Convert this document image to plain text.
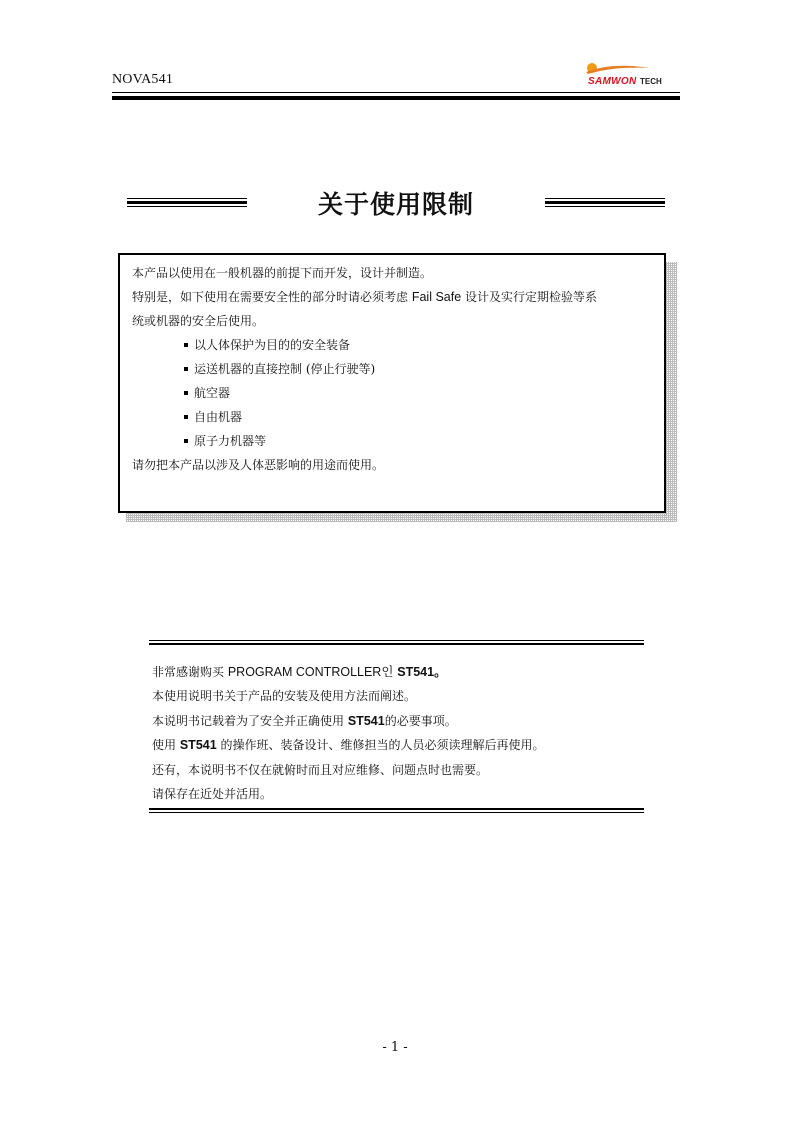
NOVA541	SAMWON TECH
关于使用限制
本产品以使用在一般机器的前提下而开发，设计并制造。
特别是，如下使用在需要安全性的部分时请必须考虑 Fail Safe 设计及实行定期检验等系
统或机器的安全后使用。
以人体保护为目的的安全装备
运送机器的直接控制 (停止行驶等)
航空器
自由机器
原子力机器等
请勿把本产品以涉及人体恶影响的用途而使用。
非常感谢购买 PROGRAM CONTROLLER인 ST541。
本使用说明书关于产品的安装及使用方法而阐述。
本说明书记载着为了安全并正确使用 ST541的必要事项。
使用 ST541 的操作班、装备设计、维修担当的人员必须读理解后再使用。
还有，本说明书不仅在就俯时而且对应维修、问题点时也需要。
请保存在近处并活用。
- 1 -
